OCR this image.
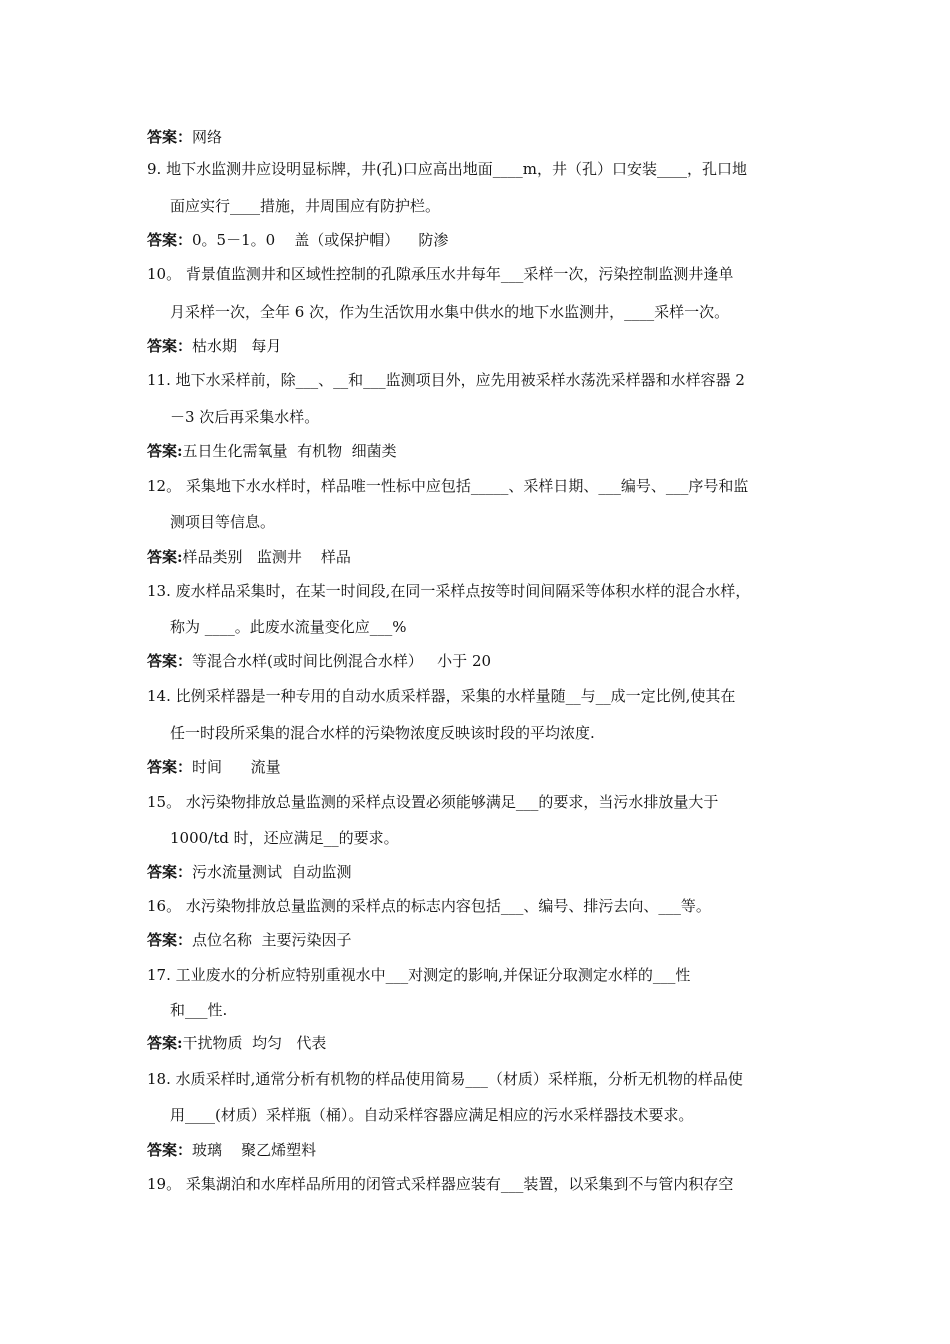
答案：网络
9. 地下水监测井应设明显标牌，井(孔)口应高出地面____m，井（孔）口安装____，孔口地
面应实行____措施，井周围应有防护栏。
答案：0。5－1。0    盖（或保护帽）    防渗
10。 背景值监测井和区域性控制的孔隙承压水井每年___采样一次，污染控制监测井逢单
月采样一次，全年 6 次，作为生活饮用水集中供水的地下水监测井，____采样一次。
答案：枯水期   每月
11. 地下水采样前，除___、__和___监测项目外，应先用被采样水荡洗采样器和水样容器 2
－3 次后再采集水样。
答案:五日生化需氧量  有机物  细菌类
12。 采集地下水水样时，样品唯一性标中应包括_____、采样日期、___编号、___序号和监
测项目等信息。
答案:样品类别   监测井    样品
13. 废水样品采集时，在某一时间段,在同一采样点按等时间间隔采等体积水样的混合水样，
称为 ____。此废水流量变化应___%
答案：等混合水样(或时间比例混合水样）   小于 20
14. 比例采样器是一种专用的自动水质采样器，采集的水样量随__与__成一定比例,使其在
任一时段所采集的混合水样的污染物浓度反映该时段的平均浓度.
答案：时间      流量
15。 水污染物排放总量监测的采样点设置必须能够满足___的要求，当污水排放量大于
1000/td 时，还应满足__的要求。
答案：污水流量测试  自动监测
16。 水污染物排放总量监测的采样点的标志内容包括___、编号、排污去向、___等。
答案：点位名称  主要污染因子
17. 工业废水的分析应特别重视水中___对测定的影响,并保证分取测定水样的___性
和___性.
答案:干扰物质  均匀   代表
18. 水质采样时,通常分析有机物的样品使用简易___（材质）采样瓶，分析无机物的样品使
用____(材质）采样瓶（桶）。自动采样容器应满足相应的污水采样器技术要求。
答案：玻璃    聚乙烯塑料
19。 采集湖泊和水库样品所用的闭管式采样器应装有___装置，以采集到不与管内积存空
